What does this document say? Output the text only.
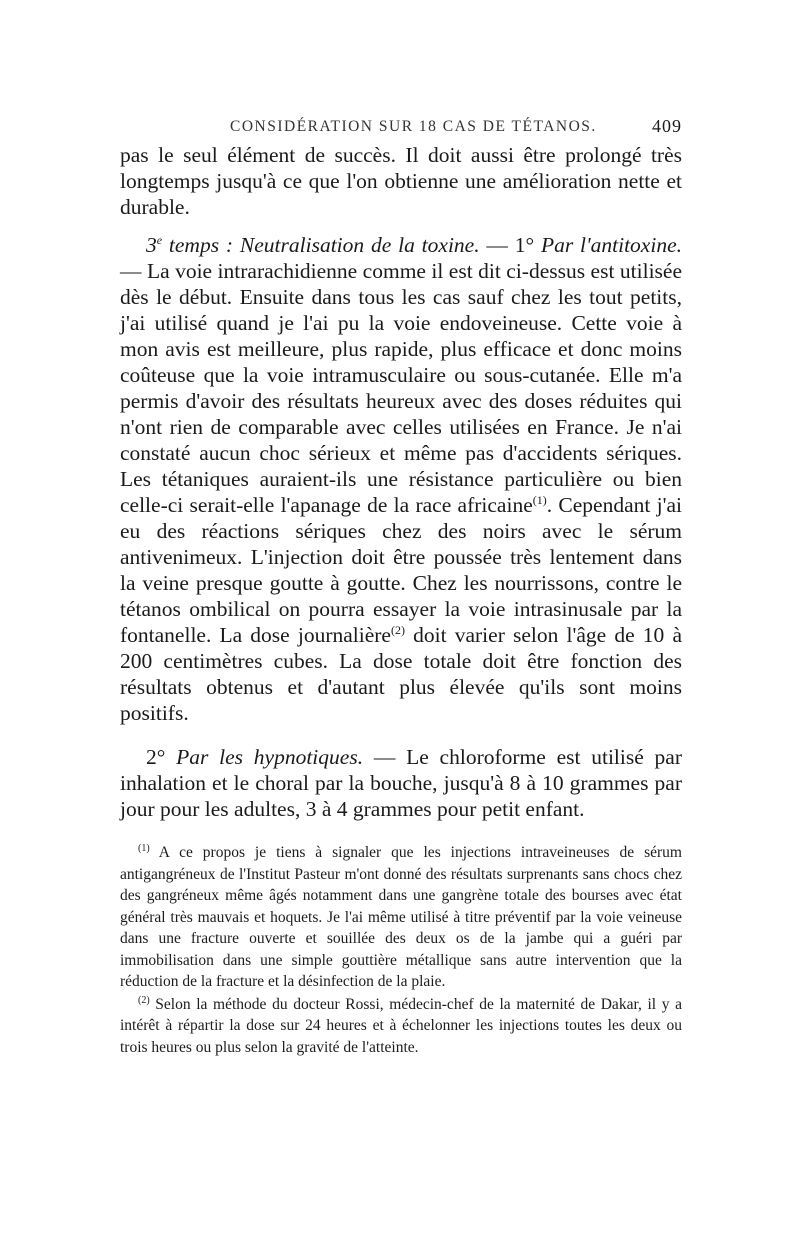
CONSIDÉRATION SUR 18 CAS DE TÉTANOS.	409

pas le seul élément de succès. Il doit aussi être prolongé très longtemps jusqu'à ce que l'on obtienne une amélioration nette et durable.

3e temps : Neutralisation de la toxine. — 1° Par l'antitoxine. — La voie intrarachidienne comme il est dit ci-dessus est utilisée dès le début. Ensuite dans tous les cas sauf chez les tout petits, j'ai utilisé quand je l'ai pu la voie endoveineuse. Cette voie à mon avis est meilleure, plus rapide, plus efficace et donc moins coûteuse que la voie intramusculaire ou sous-cutanée. Elle m'a permis d'avoir des résultats heureux avec des doses réduites qui n'ont rien de comparable avec celles utilisées en France. Je n'ai constaté aucun choc sérieux et même pas d'accidents sériques. Les tétaniques auraient-ils une résistance particulière ou bien celle-ci serait-elle l'apanage de la race africaine$^{(1)}$. Cependant j'ai eu des réactions sériques chez des noirs avec le sérum antivenimeux. L'injection doit être poussée très lentement dans la veine presque goutte à goutte. Chez les nourrissons, contre le tétanos ombilical on pourra essayer la voie intrasinusale par la fontanelle. La dose journalière$^{(2)}$ doit varier selon l'âge de 10 à 200 centimètres cubes. La dose totale doit être fonction des résultats obtenus et d'autant plus élevée qu'ils sont moins positifs.

2° Par les hypnotiques. — Le chloroforme est utilisé par inhalation et le choral par la bouche, jusqu'à 8 à 10 grammes par jour pour les adultes, 3 à 4 grammes pour petit enfant.

$^{(1)}$ A ce propos je tiens à signaler que les injections intraveineuses de sérum antigangréneux de l'Institut Pasteur m'ont donné des résultats surprenants sans chocs chez des gangréneux même âgés notamment dans une gangrène totale des bourses avec état général très mauvais et hoquets. Je l'ai même utilisé à titre préventif par la voie veineuse dans une fracture ouverte et souillée des deux os de la jambe qui a guéri par immobilisation dans une simple gouttière métallique sans autre intervention que la réduction de la fracture et la désinfection de la plaie.

$^{(2)}$ Selon la méthode du docteur Rossi, médecin-chef de la maternité de Dakar, il y a intérêt à répartir la dose sur 24 heures et à échelonner les injections toutes les deux ou trois heures ou plus selon la gravité de l'atteinte.
